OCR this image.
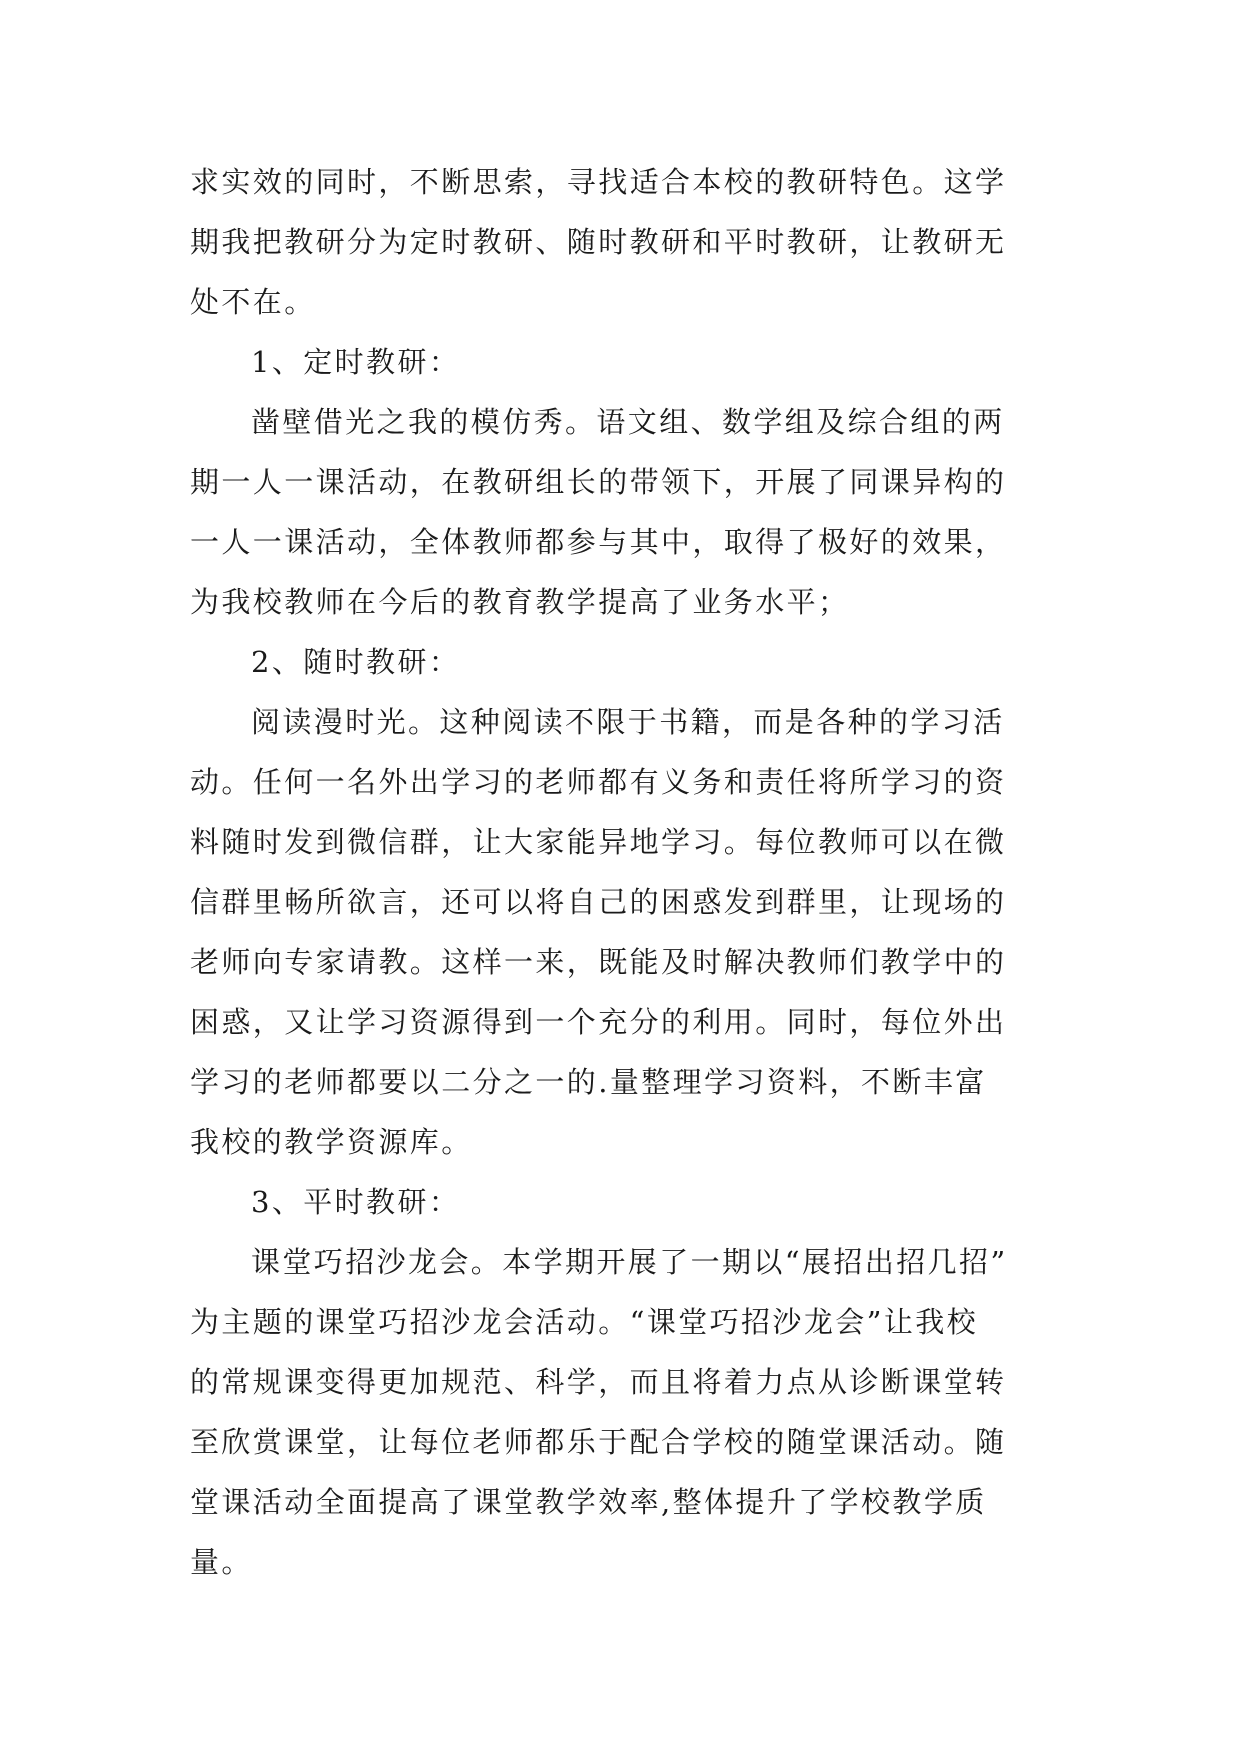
求实效的同时，不断思索，寻找适合本校的教研特色。这学
期我把教研分为定时教研、随时教研和平时教研，让教研无
处不在。
1、定时教研：
凿壁借光之我的模仿秀。语文组、数学组及综合组的两
期一人一课活动，在教研组长的带领下，开展了同课异构的
一人一课活动，全体教师都参与其中，取得了极好的效果，
为我校教师在今后的教育教学提高了业务水平；
2、随时教研：
阅读漫时光。这种阅读不限于书籍，而是各种的学习活
动。任何一名外出学习的老师都有义务和责任将所学习的资
料随时发到微信群，让大家能异地学习。每位教师可以在微
信群里畅所欲言，还可以将自己的困惑发到群里，让现场的
老师向专家请教。这样一来，既能及时解决教师们教学中的
困惑，又让学习资源得到一个充分的利用。同时，每位外出
学习的老师都要以二分之一的.量整理学习资料，不断丰富
我校的教学资源库。
3、平时教研：
课堂巧招沙龙会。本学期开展了一期以“展招出招几招”
为主题的课堂巧招沙龙会活动。“课堂巧招沙龙会”让我校
的常规课变得更加规范、科学，而且将着力点从诊断课堂转
至欣赏课堂，让每位老师都乐于配合学校的随堂课活动。随
堂课活动全面提高了课堂教学效率,整体提升了学校教学质
量。
